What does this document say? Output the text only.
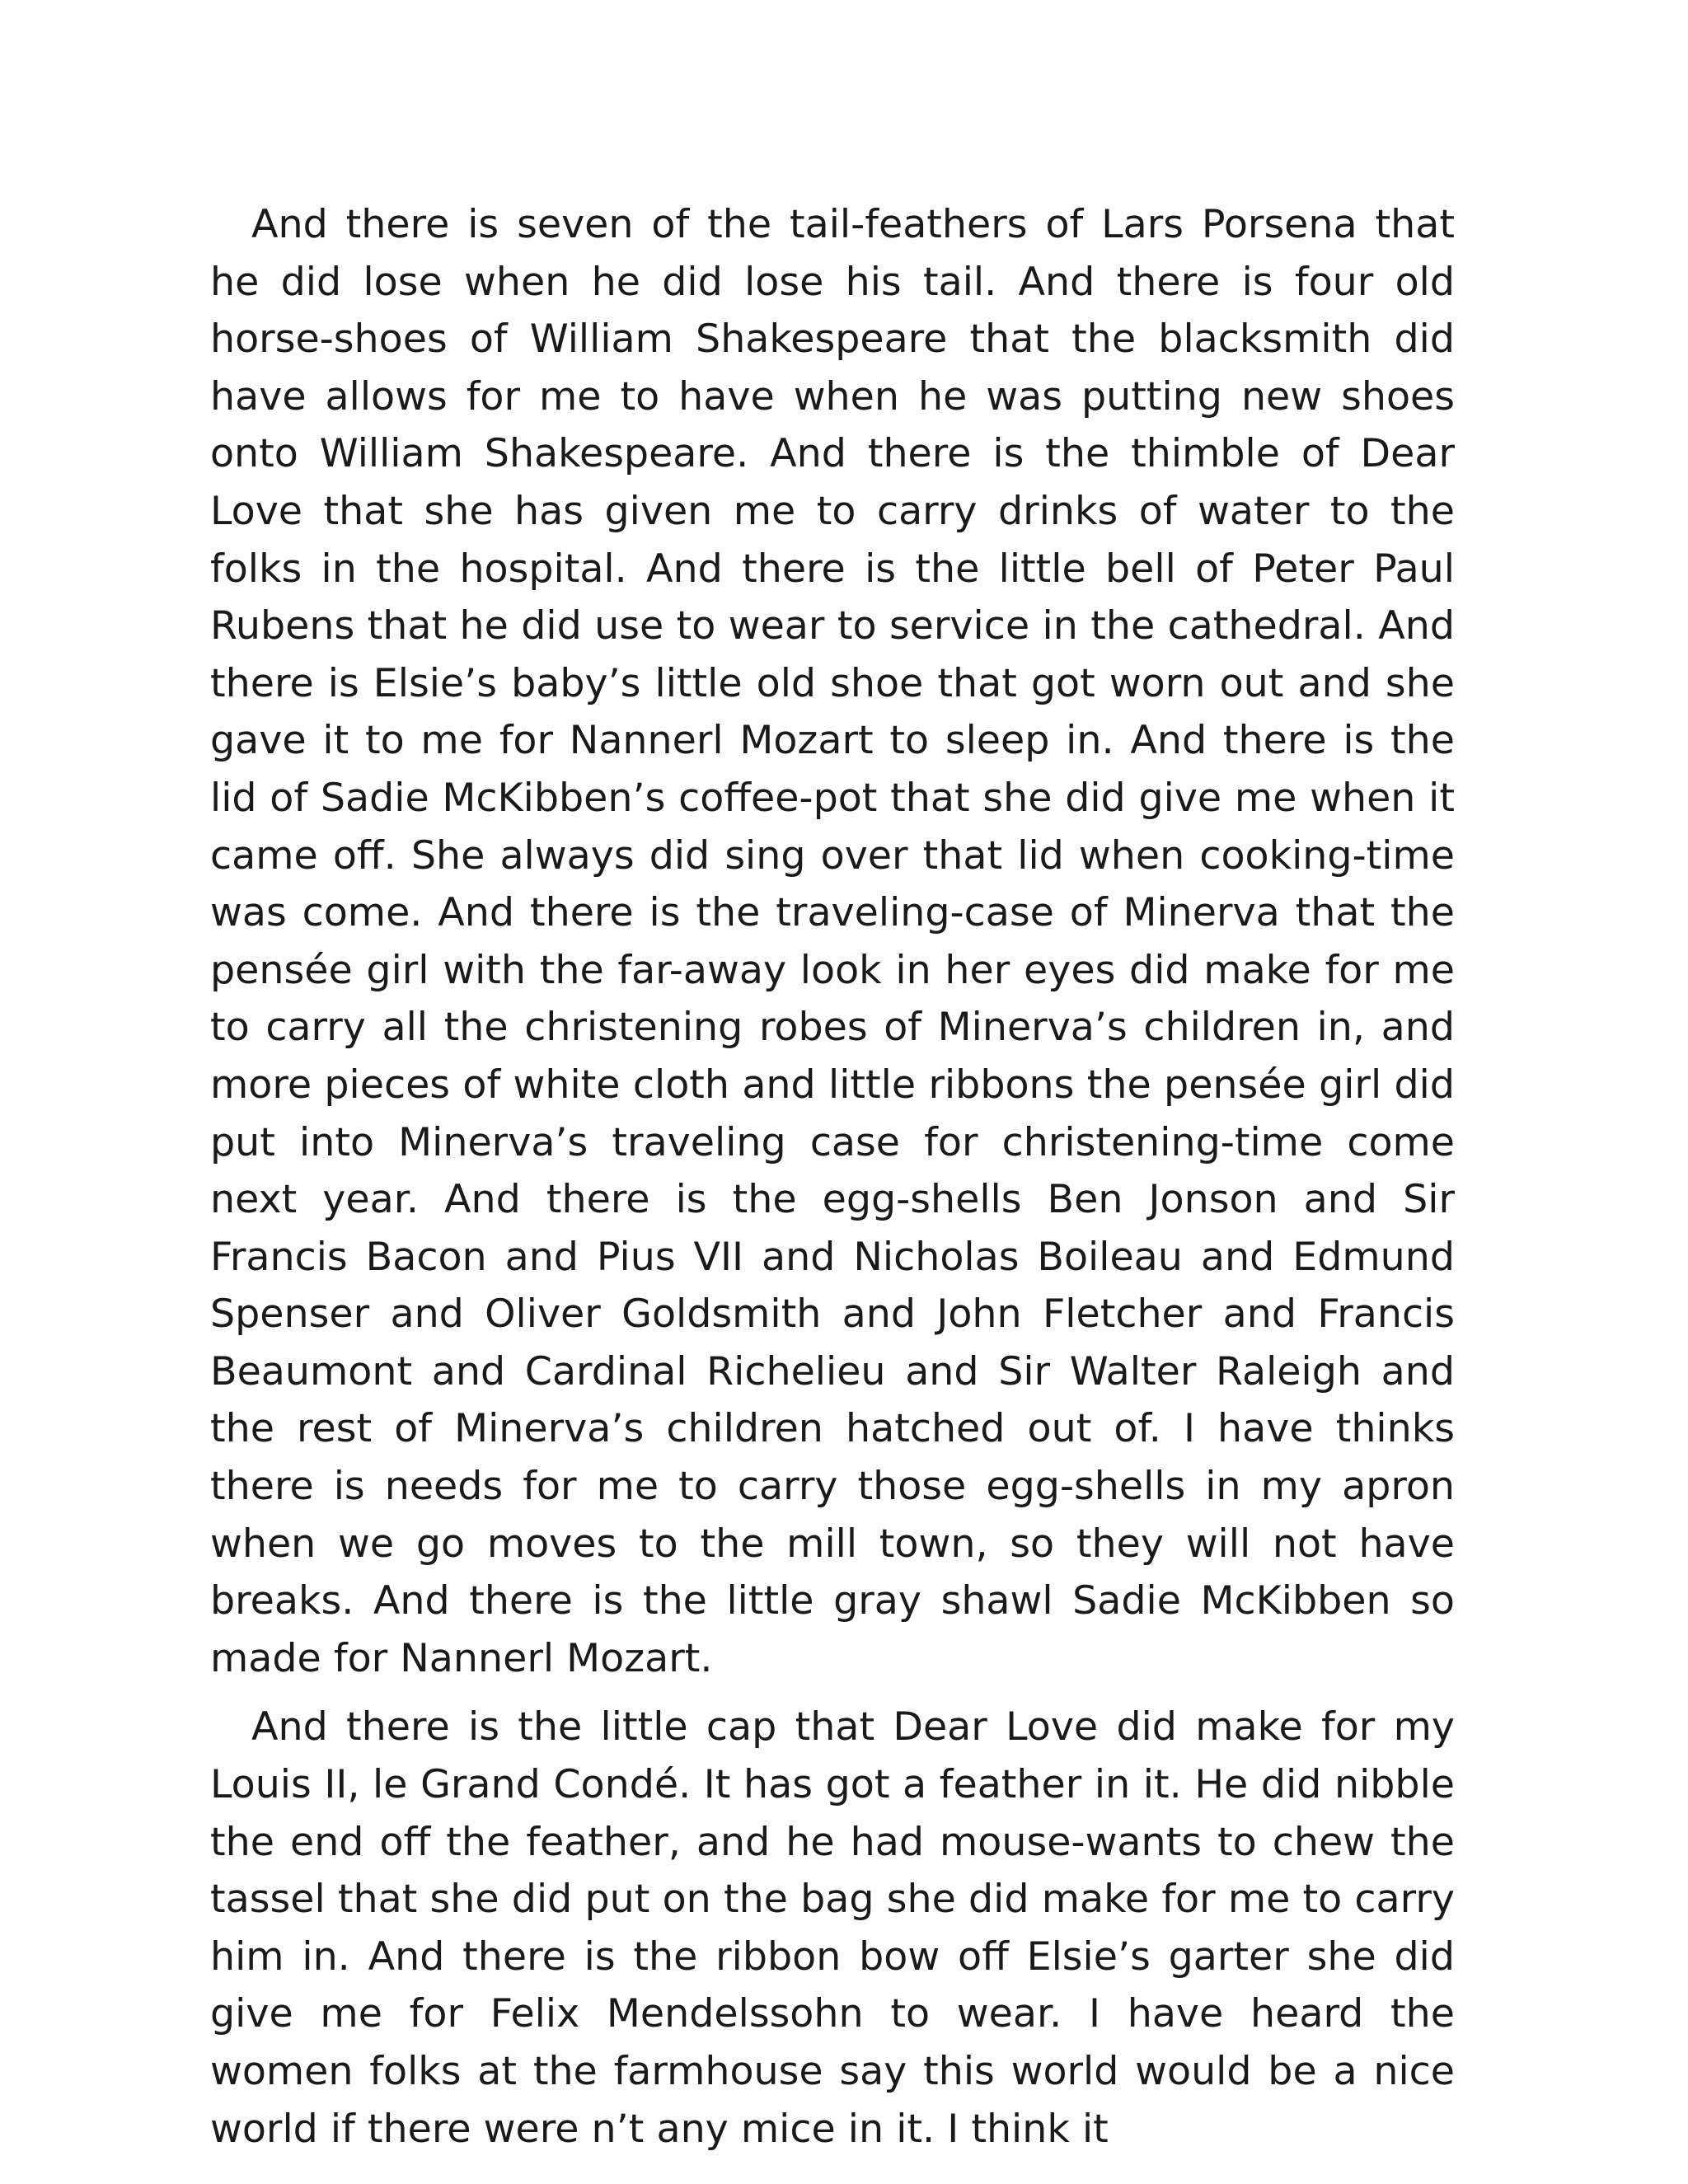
And there is seven of the tail-feathers of Lars Porsena that he did lose when he did lose his tail. And there is four old horse-shoes of William Shakespeare that the blacksmith did have allows for me to have when he was putting new shoes onto William Shakespeare. And there is the thimble of Dear Love that she has given me to carry drinks of water to the folks in the hospital. And there is the little bell of Peter Paul Rubens that he did use to wear to service in the cathedral. And there is Elsie’s baby’s little old shoe that got worn out and she gave it to me for Nannerl Mozart to sleep in. And there is the lid of Sadie McKibben’s coffee-pot that she did give me when it came off. She always did sing over that lid when cooking-time was come. And there is the traveling-case of Minerva that the pensée girl with the far-away look in her eyes did make for me to carry all the christening robes of Minerva’s children in, and more pieces of white cloth and little ribbons the pensée girl did put into Minerva’s traveling case for christening-time come next year. And there is the egg-shells Ben Jonson and Sir Francis Bacon and Pius VII and Nicholas Boileau and Edmund Spenser and Oliver Goldsmith and John Fletcher and Francis Beaumont and Cardinal Richelieu and Sir Walter Raleigh and the rest of Minerva’s children hatched out of. I have thinks there is needs for me to carry those egg-shells in my apron when we go moves to the mill town, so they will not have breaks. And there is the little gray shawl Sadie McKibben so made for Nannerl Mozart.

And there is the little cap that Dear Love did make for my Louis II, le Grand Condé. It has got a feather in it. He did nibble the end off the feather, and he had mouse-wants to chew the tassel that she did put on the bag she did make for me to carry him in. And there is the ribbon bow off Elsie’s garter she did give me for Felix Mendelssohn to wear. I have heard the women folks at the farmhouse say this world would be a nice world if there were n’t any mice in it. I think it
